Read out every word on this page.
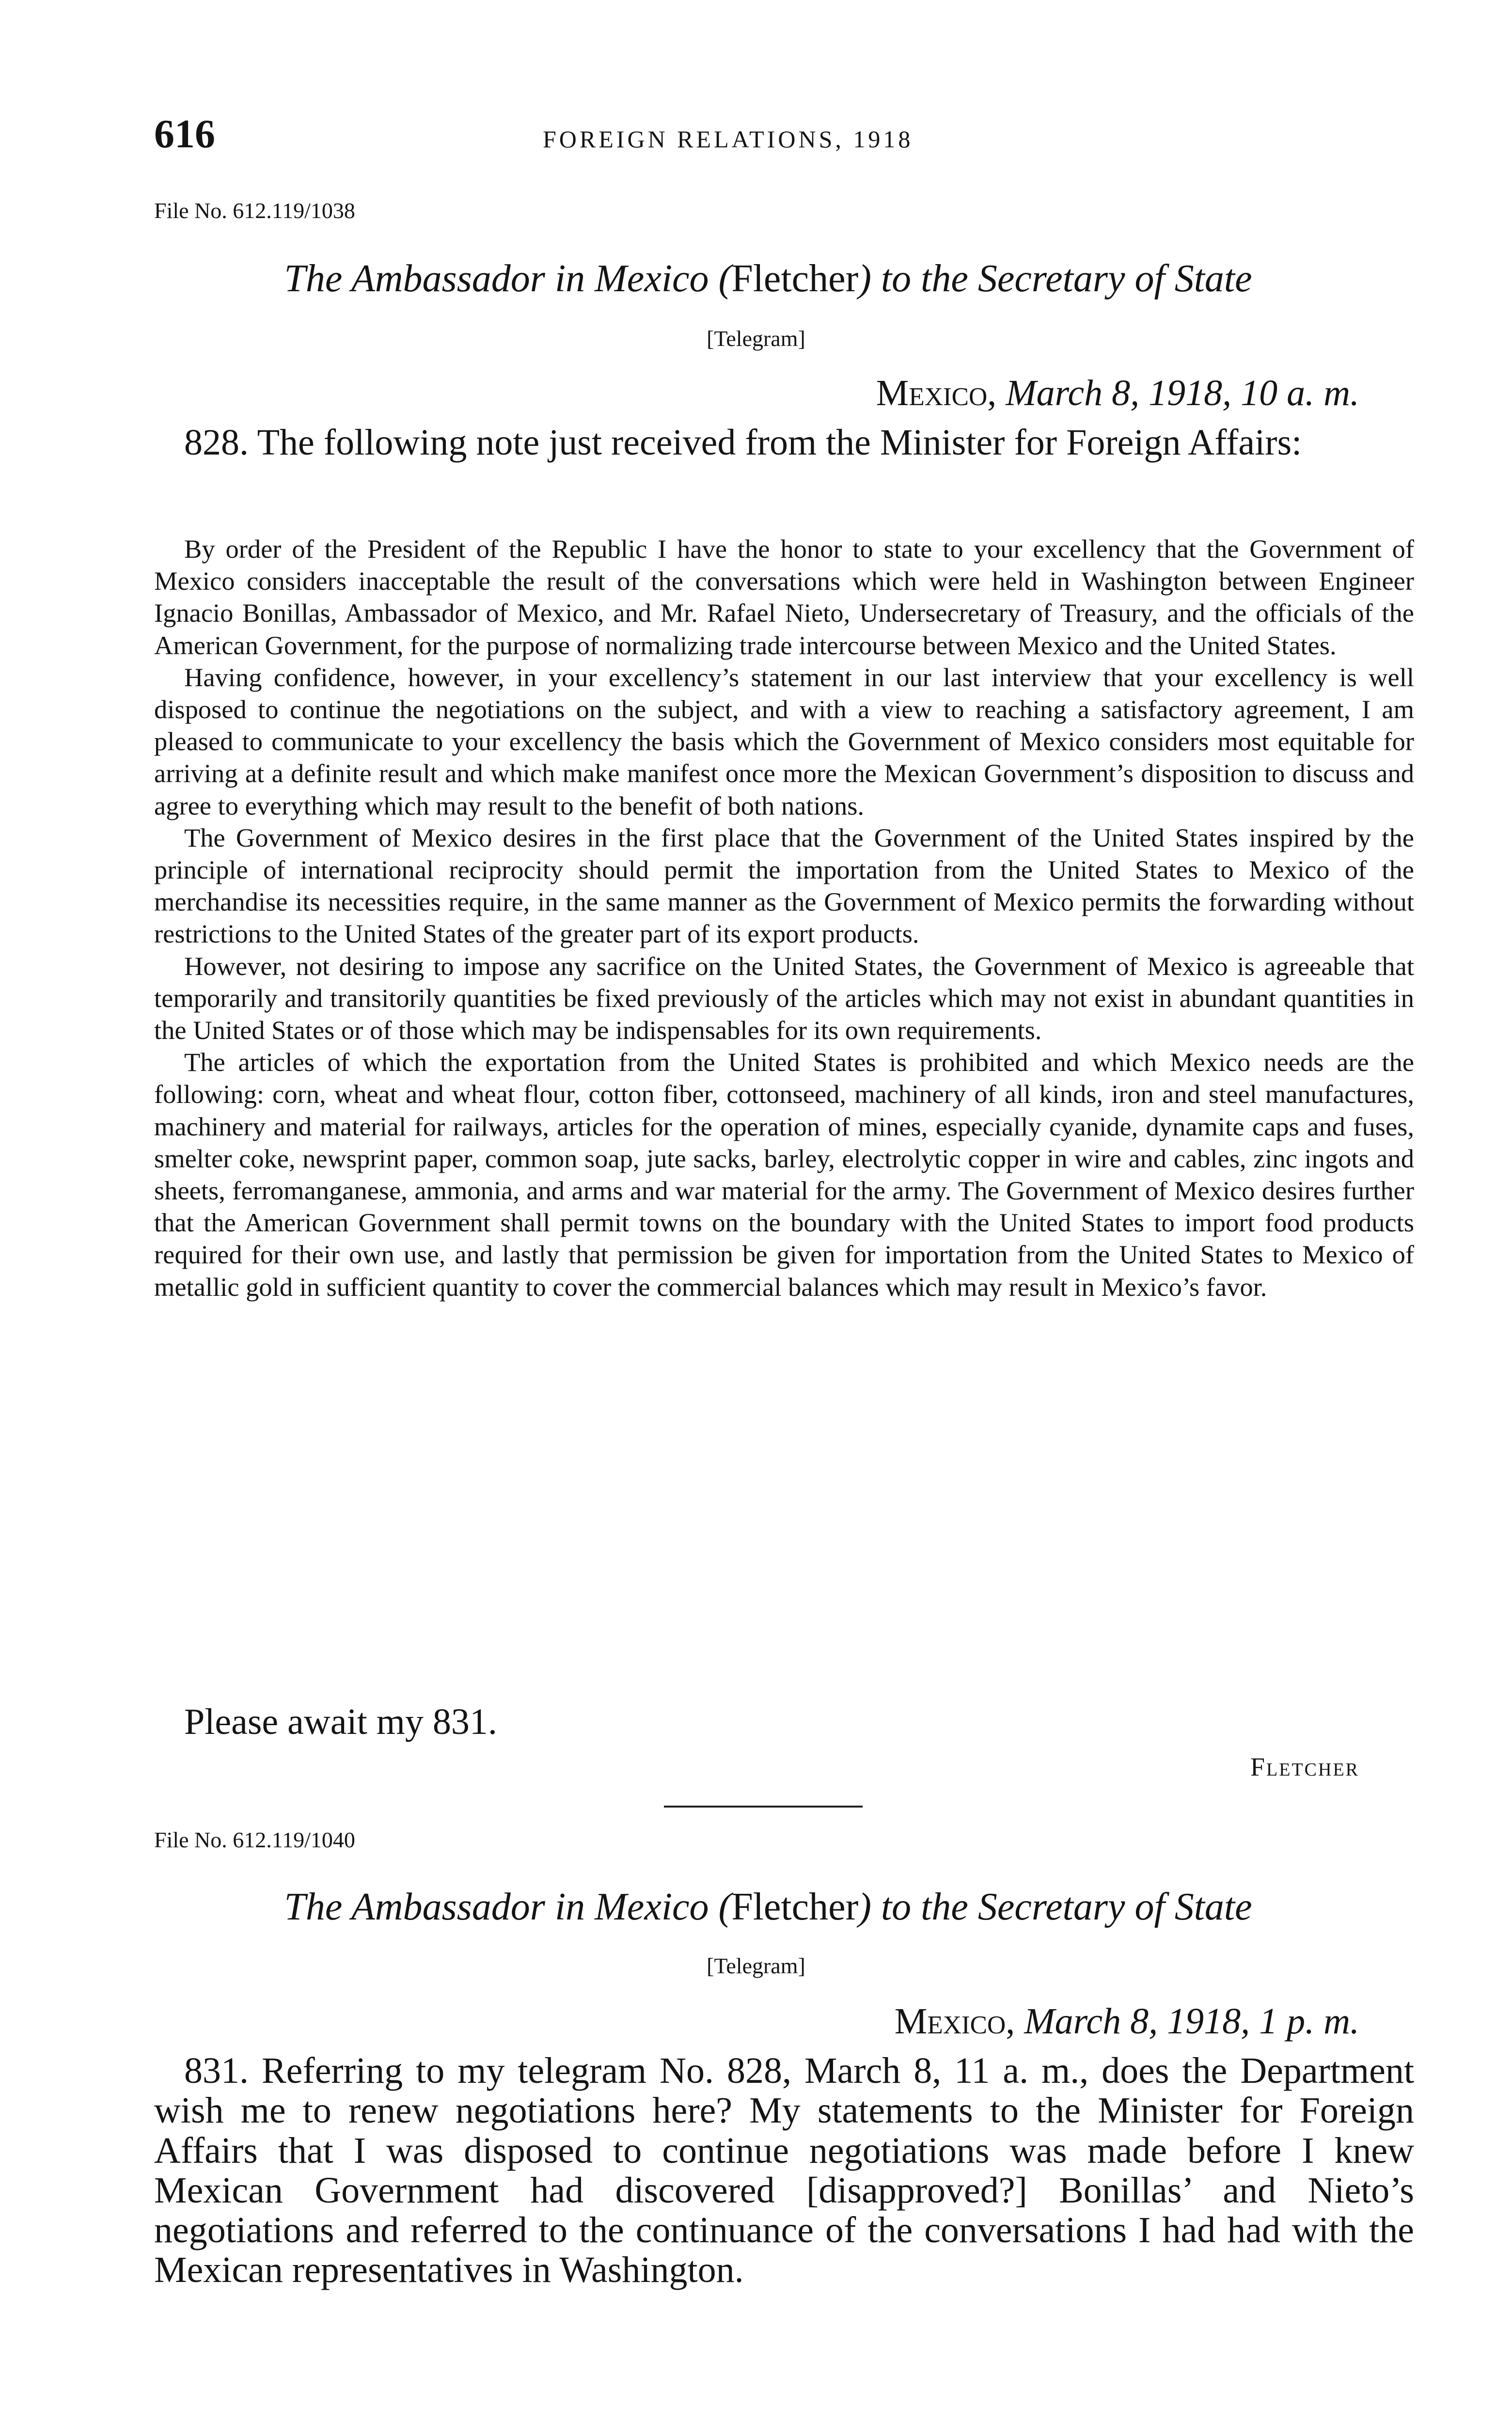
616	FOREIGN RELATIONS, 1918
File No. 612.119/1038
The Ambassador in Mexico (Fletcher) to the Secretary of State
[Telegram]
Mexico, March 8, 1918, 10 a. m.

828. The following note just received from the Minister for Foreign Affairs:

By order of the President of the Republic I have the honor to state to your excellency that the Government of Mexico considers inacceptable the result of the conversations which were held in Washington between Engineer Ignacio Bonillas, Ambassador of Mexico, and Mr. Rafael Nieto, Undersecretary of Treasury, and the officials of the American Government, for the purpose of normalizing trade intercourse between Mexico and the United States.

Having confidence, however, in your excellency’s statement in our last interview that your excellency is well disposed to continue the negotiations on the subject, and with a view to reaching a satisfactory agreement, I am pleased to communicate to your excellency the basis which the Government of Mexico considers most equitable for arriving at a definite result and which make manifest once more the Mexican Government’s disposition to discuss and agree to everything which may result to the benefit of both nations.

The Government of Mexico desires in the first place that the Government of the United States inspired by the principle of international reciprocity should permit the importation from the United States to Mexico of the merchandise its necessities require, in the same manner as the Government of Mexico permits the forwarding without restrictions to the United States of the greater part of its export products.

However, not desiring to impose any sacrifice on the United States, the Government of Mexico is agreeable that temporarily and transitorily quantities be fixed previously of the articles which may not exist in abundant quantities in the United States or of those which may be indispensables for its own requirements.

The articles of which the exportation from the United States is prohibited and which Mexico needs are the following: corn, wheat and wheat flour, cotton fiber, cottonseed, machinery of all kinds, iron and steel manufactures, machinery and material for railways, articles for the operation of mines, especially cyanide, dynamite caps and fuses, smelter coke, newsprint paper, common soap, jute sacks, barley, electrolytic copper in wire and cables, zinc ingots and sheets, ferromanganese, ammonia, and arms and war material for the army. The Government of Mexico desires further that the American Government shall permit towns on the boundary with the United States to import food products required for their own use, and lastly that permission be given for importation from the United States to Mexico of metallic gold in sufficient quantity to cover the commercial balances which may result in Mexico’s favor.

Please await my 831.
Fletcher
File No. 612.119/1040
The Ambassador in Mexico (Fletcher) to the Secretary of State
[Telegram]
Mexico, March 8, 1918, 1 p. m.

831. Referring to my telegram No. 828, March 8, 11 a. m., does the Department wish me to renew negotiations here? My statements to the Minister for Foreign Affairs that I was disposed to continue negotiations was made before I knew Mexican Government had discovered [disapproved?] Bonillas’ and Nieto’s negotiations and referred to the continuance of the conversations I had had with the Mexican representatives in Washington.
